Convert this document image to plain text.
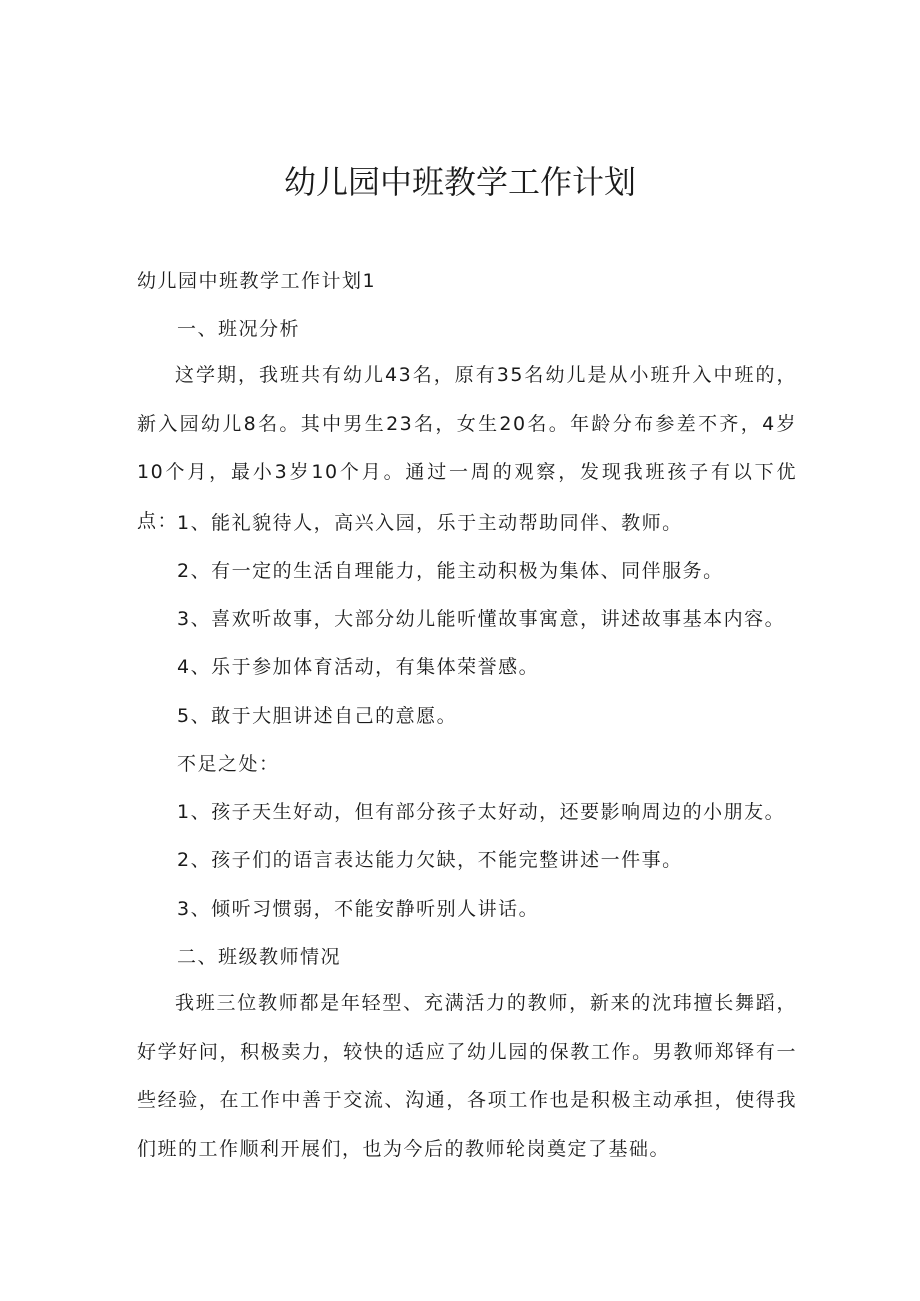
幼儿园中班教学工作计划

幼儿园中班教学工作计划1

一、班况分析

这学期，我班共有幼儿43名，原有35名幼儿是从小班升入中班的，新入园幼儿8名。其中男生23名，女生20名。年龄分布参差不齐，4岁10个月，最小3岁10个月。通过一周的观察，发现我班孩子有以下优点：

1、能礼貌待人，高兴入园，乐于主动帮助同伴、教师。

2、有一定的生活自理能力，能主动积极为集体、同伴服务。

3、喜欢听故事，大部分幼儿能听懂故事寓意，讲述故事基本内容。

4、乐于参加体育活动，有集体荣誉感。

5、敢于大胆讲述自己的意愿。

不足之处：

1、孩子天生好动，但有部分孩子太好动，还要影响周边的小朋友。

2、孩子们的语言表达能力欠缺，不能完整讲述一件事。

3、倾听习惯弱，不能安静听别人讲话。

二、班级教师情况

我班三位教师都是年轻型、充满活力的教师，新来的沈玮擅长舞蹈，好学好问，积极卖力，较快的适应了幼儿园的保教工作。男教师郑铎有一些经验，在工作中善于交流、沟通，各项工作也是积极主动承担，使得我们班的工作顺利开展们，也为今后的教师轮岗奠定了基础。
